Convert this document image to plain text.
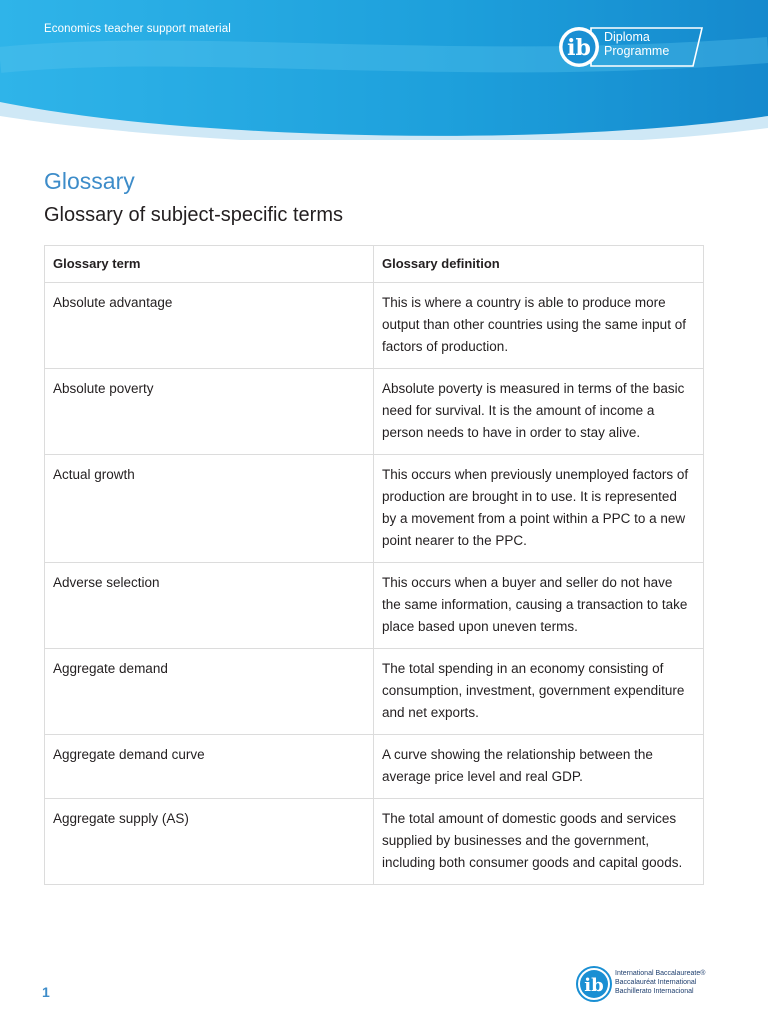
Economics teacher support material
ib Diploma
Programme
Glossary
Glossary of subject-specific terms
Glossary term	Glossary definition
Absolute advantage	This is where a country is able to produce more output than other countries using the same input of factors of production.
Absolute poverty	Absolute poverty is measured in terms of the basic need for survival. It is the amount of income a person needs to have in order to stay alive.
Actual growth	This occurs when previously unemployed factors of production are brought in to use. It is represented by a movement from a point within a PPC to a new point nearer to the PPC.
Adverse selection	This occurs when a buyer and seller do not have the same information, causing a transaction to take place based upon uneven terms.
Aggregate demand	The total spending in an economy consisting of consumption, investment, government expenditure and net exports.
Aggregate demand curve	A curve showing the relationship between the average price level and real GDP.
Aggregate supply (AS)	The total amount of domestic goods and services supplied by businesses and the government, including both consumer goods and capital goods.
1	ib
International Baccalaureate®
Baccalauréat International
Bachillerato Internacional
